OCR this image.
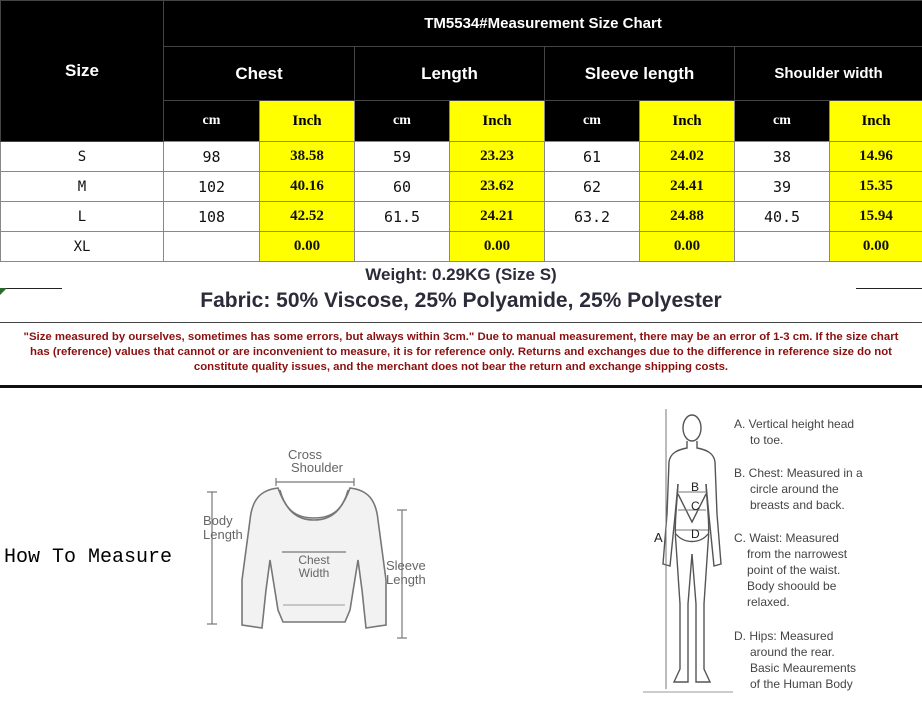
Size	TM5534#Measurement Size Chart							
	Chest		Length		Sleeve length		Shoulder width	
	cm	Inch	cm	Inch	cm	Inch	cm	Inch
S	98	38.58	59	23.23	61	24.02	38	14.96
M	102	40.16	60	23.62	62	24.41	39	15.35
L	108	42.52	61.5	24.21	63.2	24.88	40.5	15.94
XL		0.00		0.00		0.00		0.00
Weight: 0.29KG (Size S)
Fabric: 50% Viscose, 25% Polyamide, 25% Polyester
"Size measured by ourselves, sometimes has some errors, but always within 3cm." Due to manual measurement, there may be an error of 1-3 cm. If the size chart has (reference) values that cannot or are inconvenient to measure, it is for reference only. Returns and exchanges due to the difference in reference size do not constitute quality issues, and the merchant does not bear the return and exchange shipping costs.
How To Measure
Cross
Shoulder
Body
Length
Chest
Width	Sleeve
Length
A
B
C
D
A. Vertical height head
to toe.
B. Chest: Measured in a
circle around the
breasts and back.
C. Waist: Measured
from the narrowest
point of the waist.
Body shoould be
relaxed.
D. Hips: Measured
around the rear.
Basic Meaurements
of the Human Body
